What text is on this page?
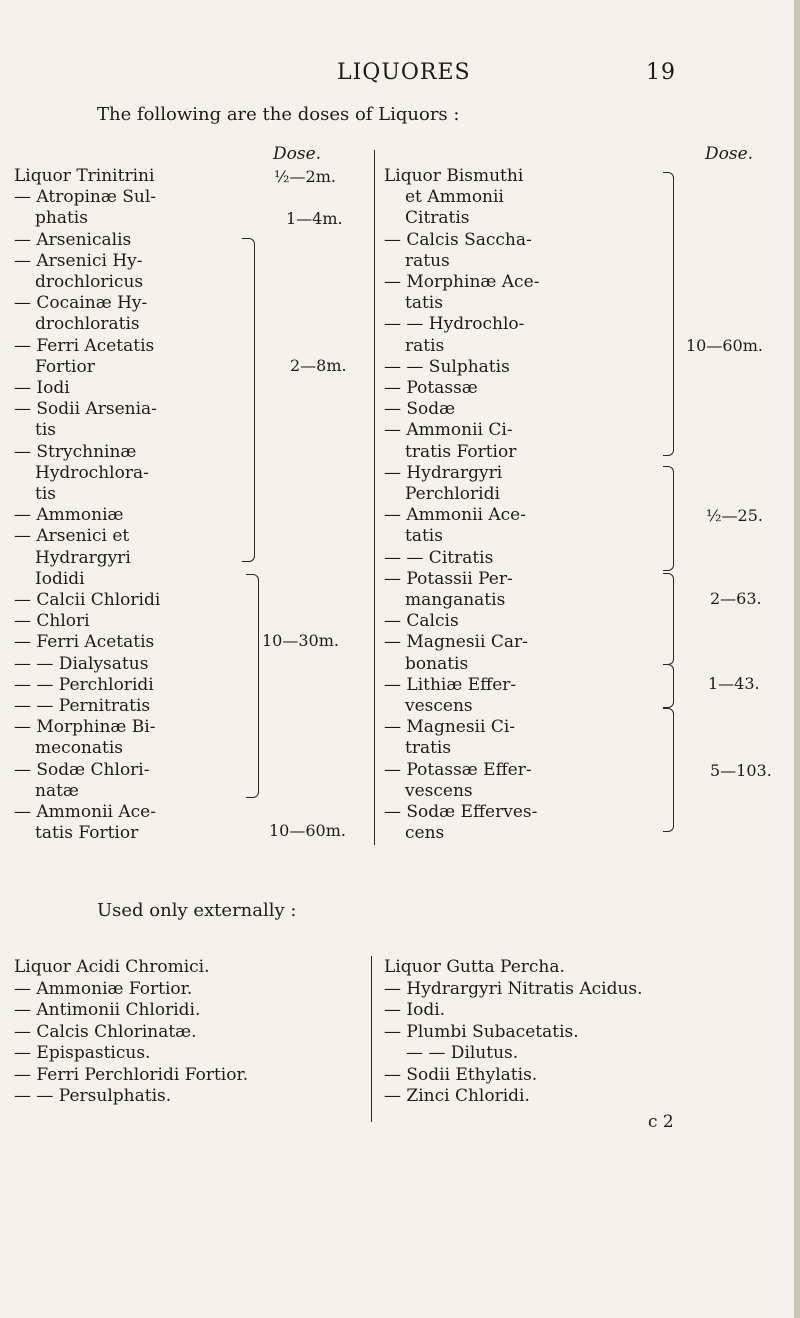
LIQUORES	19
The following are the doses of Liquors :
Dose.
Liquor Trinitrini
— Atropinæ Sul-
phatis
— Arsenicalis
— Arsenici Hy-
drochloricus
— Cocainæ Hy-
drochloratis
— Ferri Acetatis
Fortior
— Iodi
— Sodii Arsenia-
tis
— Strychninæ
Hydrochlora-
tis
— Ammoniæ
— Arsenici et
Hydrargyri
Iodidi
— Calcii Chloridi
— Chlori
— Ferri Acetatis
— — Dialysatus
— — Perchloridi
— — Pernitratis
— Morphinæ Bi-
meconatis
— Sodæ Chlori-
natæ
— Ammonii Ace-
tatis Fortior
½—2m.
1—4m.
2—8m.
10—30m.
10—60m.
Dose.
Liquor Bismuthi
et Ammonii
Citratis
— Calcis Saccha-
ratus
— Morphinæ Ace-
tatis
— — Hydrochlo-
ratis
— — Sulphatis
— Potassæ
— Sodæ
— Ammonii Ci-
tratis Fortior
— Hydrargyri
Perchloridi
— Ammonii Ace-
tatis
— — Citratis
— Potassii Per-
manganatis
— Calcis
— Magnesii Car-
bonatis
— Lithiæ Effer-
vescens
— Magnesii Ci-
tratis
— Potassæ Effer-
vescens
— Sodæ Efferves-
cens
10—60m.
½—25.
2—63.
1—43.
5—103.
Used only externally :
Liquor Acidi Chromici.
— Ammoniæ Fortior.
— Antimonii Chloridi.
— Calcis Chlorinatæ.
— Epispasticus.
— Ferri Perchloridi Fortior.
— — Persulphatis.
Liquor Gutta Percha.
— Hydrargyri Nitratis Acidus.
— Iodi.
— Plumbi Subacetatis.
— — Dilutus.
— Sodii Ethylatis.
— Zinci Chloridi.
c 2
